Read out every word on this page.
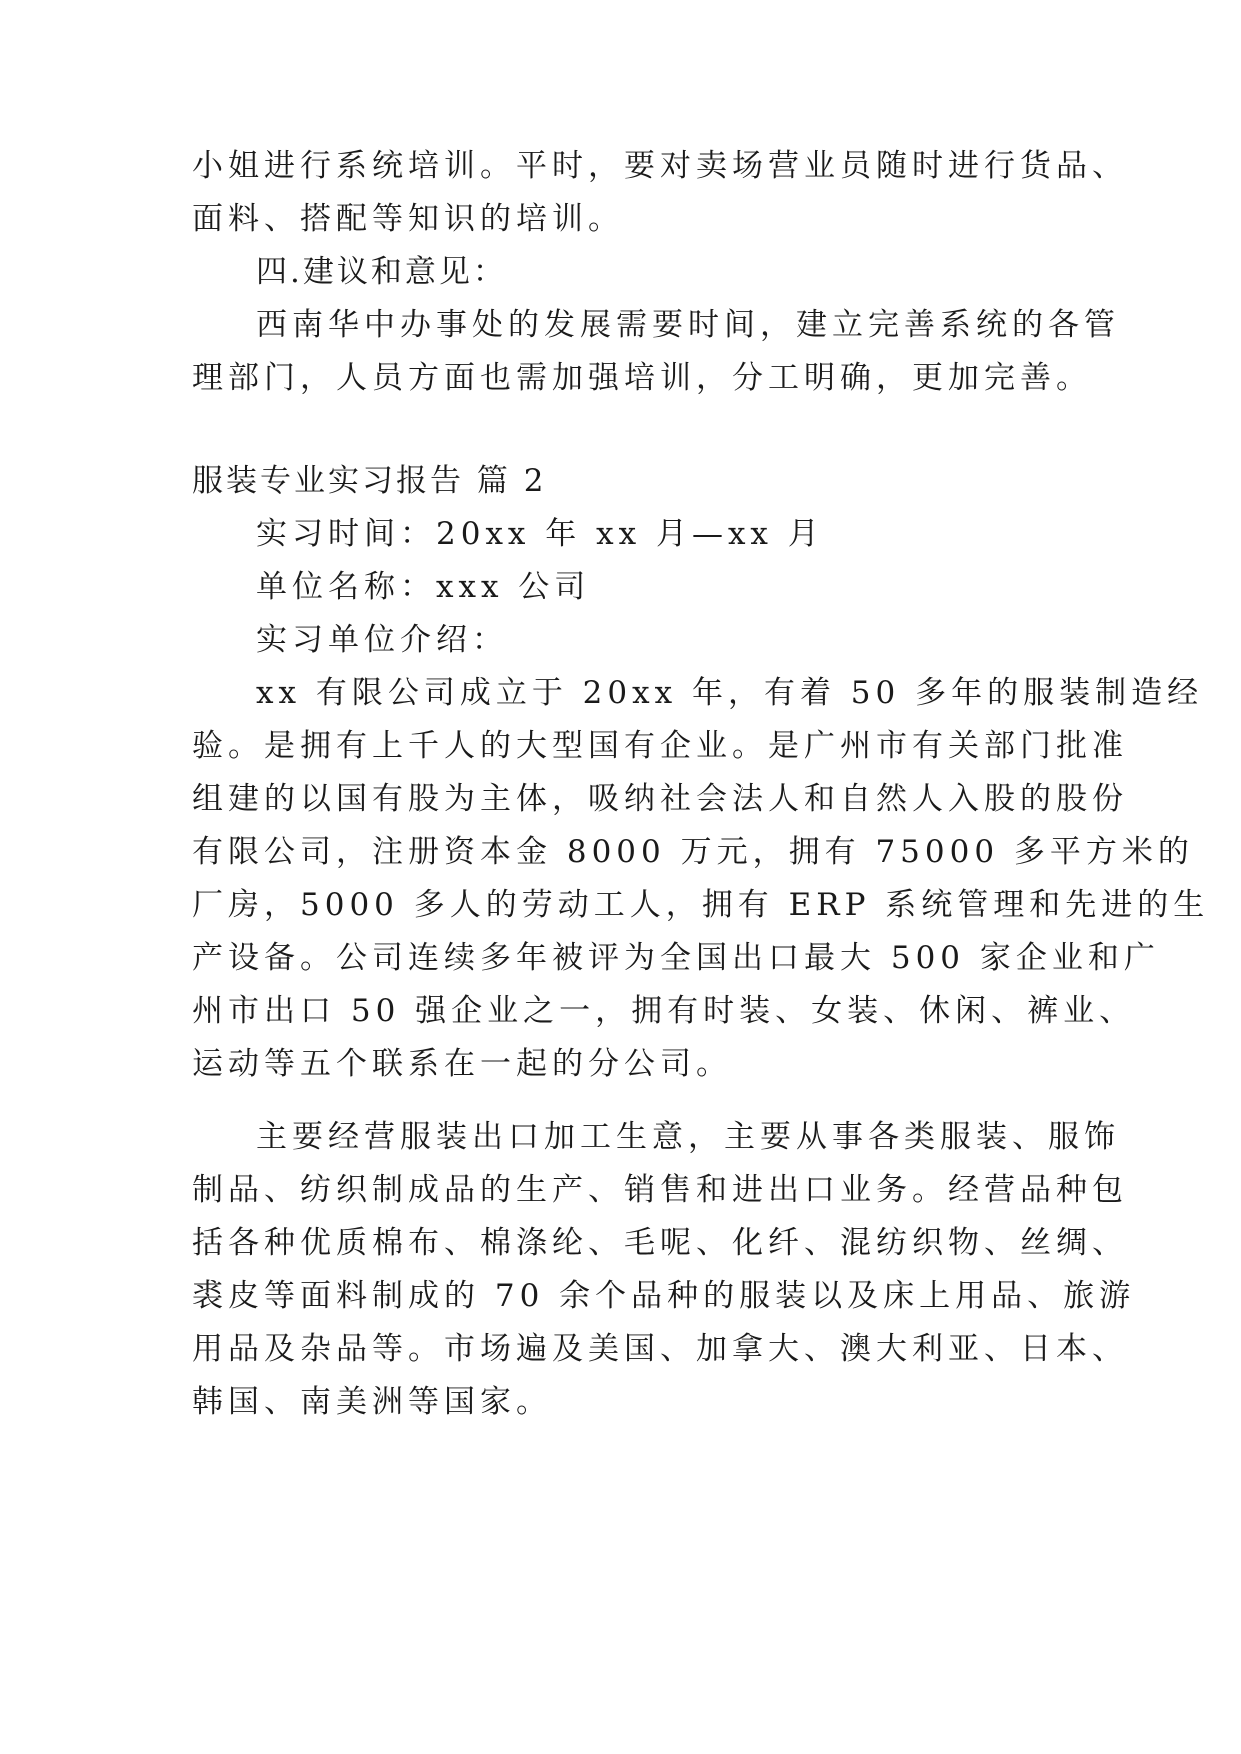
小姐进行系统培训。平时，要对卖场营业员随时进行货品、
面料、搭配等知识的培训。
四.建议和意见：
西南华中办事处的发展需要时间，建立完善系统的各管
理部门，人员方面也需加强培训，分工明确，更加完善。
服装专业实习报告 篇 2
实习时间：20xx 年 xx 月—xx 月
单位名称：xxx 公司
实习单位介绍：
xx 有限公司成立于 20xx 年，有着 50 多年的服装制造经
验。是拥有上千人的大型国有企业。是广州市有关部门批准
组建的以国有股为主体，吸纳社会法人和自然人入股的股份
有限公司，注册资本金 8000 万元，拥有 75000 多平方米的
厂房，5000 多人的劳动工人，拥有 ERP 系统管理和先进的生
产设备。公司连续多年被评为全国出口最大 500 家企业和广
州市出口 50 强企业之一，拥有时装、女装、休闲、裤业、
运动等五个联系在一起的分公司。
主要经营服装出口加工生意，主要从事各类服装、服饰
制品、纺织制成品的生产、销售和进出口业务。经营品种包
括各种优质棉布、棉涤纶、毛呢、化纤、混纺织物、丝绸、
裘皮等面料制成的 70 余个品种的服装以及床上用品、旅游
用品及杂品等。市场遍及美国、加拿大、澳大利亚、日本、
韩国、南美洲等国家。
